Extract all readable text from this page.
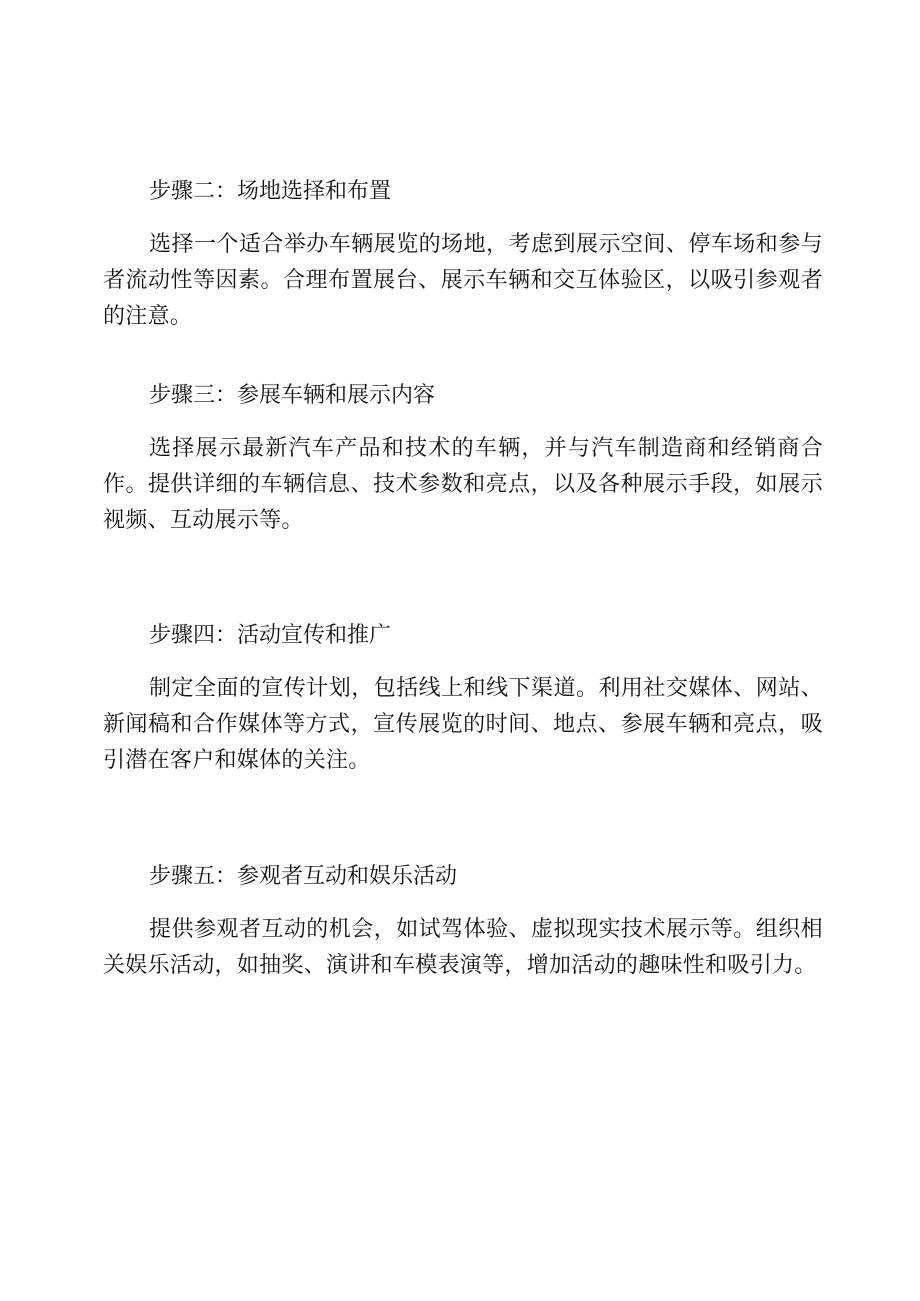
步骤二：场地选择和布置

选择一个适合举办车辆展览的场地，考虑到展示空间、停车场和参与者流动性等因素。合理布置展台、展示车辆和交互体验区，以吸引参观者的注意。

步骤三：参展车辆和展示内容

选择展示最新汽车产品和技术的车辆，并与汽车制造商和经销商合作。提供详细的车辆信息、技术参数和亮点，以及各种展示手段，如展示视频、互动展示等。

步骤四：活动宣传和推广

制定全面的宣传计划，包括线上和线下渠道。利用社交媒体、网站、新闻稿和合作媒体等方式，宣传展览的时间、地点、参展车辆和亮点，吸引潜在客户和媒体的关注。

步骤五：参观者互动和娱乐活动

提供参观者互动的机会，如试驾体验、虚拟现实技术展示等。组织相关娱乐活动，如抽奖、演讲和车模表演等，增加活动的趣味性和吸引力。
